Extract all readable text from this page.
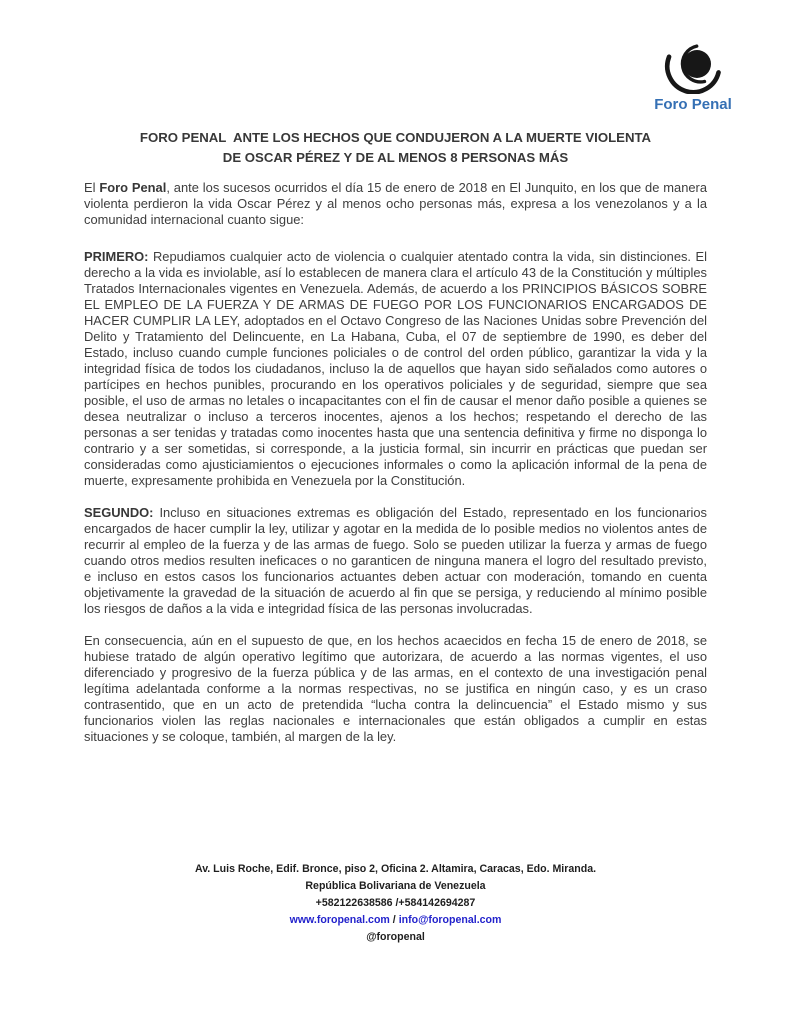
Foro Penal
FORO PENAL  ANTE LOS HECHOS QUE CONDUJERON A LA MUERTE VIOLENTA
DE OSCAR PÉREZ Y DE AL MENOS 8 PERSONAS MÁS

El Foro Penal, ante los sucesos ocurridos el día 15 de enero de 2018 en El Junquito, en los que de manera violenta perdieron la vida Oscar Pérez y al menos ocho personas más, expresa a los venezolanos y a la comunidad internacional cuanto sigue:

PRIMERO: Repudiamos cualquier acto de violencia o cualquier atentado contra la vida, sin distinciones. El derecho a la vida es inviolable, así lo establecen de manera clara el artículo 43 de la Constitución y múltiples Tratados Internacionales vigentes en Venezuela. Además, de acuerdo a los PRINCIPIOS BÁSICOS SOBRE EL EMPLEO DE LA FUERZA Y DE ARMAS DE FUEGO POR LOS FUNCIONARIOS ENCARGADOS DE HACER CUMPLIR LA LEY, adoptados en el Octavo Congreso de las Naciones Unidas sobre Prevención del Delito y Tratamiento del Delincuente, en La Habana, Cuba, el 07 de septiembre de 1990, es deber del Estado, incluso cuando cumple funciones policiales o de control del orden público, garantizar la vida y la integridad física de todos los ciudadanos, incluso la de aquellos que hayan sido señalados como autores o partícipes en hechos punibles, procurando en los operativos policiales y de seguridad, siempre que sea posible, el uso de armas no letales o incapacitantes con el fin de causar el menor daño posible a quienes se desea neutralizar o incluso a terceros inocentes, ajenos a los hechos; respetando el derecho de las personas a ser tenidas y tratadas como inocentes hasta que una sentencia definitiva y firme no disponga lo contrario y a ser sometidas, si corresponde, a la justicia formal, sin incurrir en prácticas que puedan ser consideradas como ajusticiamientos o ejecuciones informales o como la aplicación informal de la pena de muerte, expresamente prohibida en Venezuela por la Constitución.

SEGUNDO: Incluso en situaciones extremas es obligación del Estado, representado en los funcionarios encargados de hacer cumplir la ley, utilizar y agotar en la medida de lo posible medios no violentos antes de recurrir al empleo de la fuerza y de las armas de fuego. Solo se pueden utilizar la fuerza y armas de fuego cuando otros medios resulten ineficaces o no garanticen de ninguna manera el logro del resultado previsto, e incluso en estos casos los funcionarios actuantes deben actuar con moderación, tomando en cuenta objetivamente la gravedad de la situación de acuerdo al fin que se persiga, y reduciendo al mínimo posible los riesgos de daños a la vida e integridad física de las personas involucradas.

En consecuencia, aún en el supuesto de que, en los hechos acaecidos en fecha 15 de enero de 2018, se hubiese tratado de algún operativo legítimo que autorizara, de acuerdo a las normas vigentes, el uso diferenciado y progresivo de la fuerza pública y de las armas, en el contexto de una investigación penal legítima adelantada conforme a la normas respectivas, no se justifica en ningún caso, y es un craso contrasentido, que en un acto de pretendida “lucha contra la delincuencia” el Estado mismo y sus funcionarios violen las reglas nacionales e internacionales que están obligados a cumplir en estas situaciones y se coloque, también, al margen de la ley.

Av. Luis Roche, Edif. Bronce, piso 2, Oficina 2. Altamira, Caracas, Edo. Miranda.
República Bolivariana de Venezuela
+582122638586 /+584142694287
www.foropenal.com / info@foropenal.com
@foropenal
